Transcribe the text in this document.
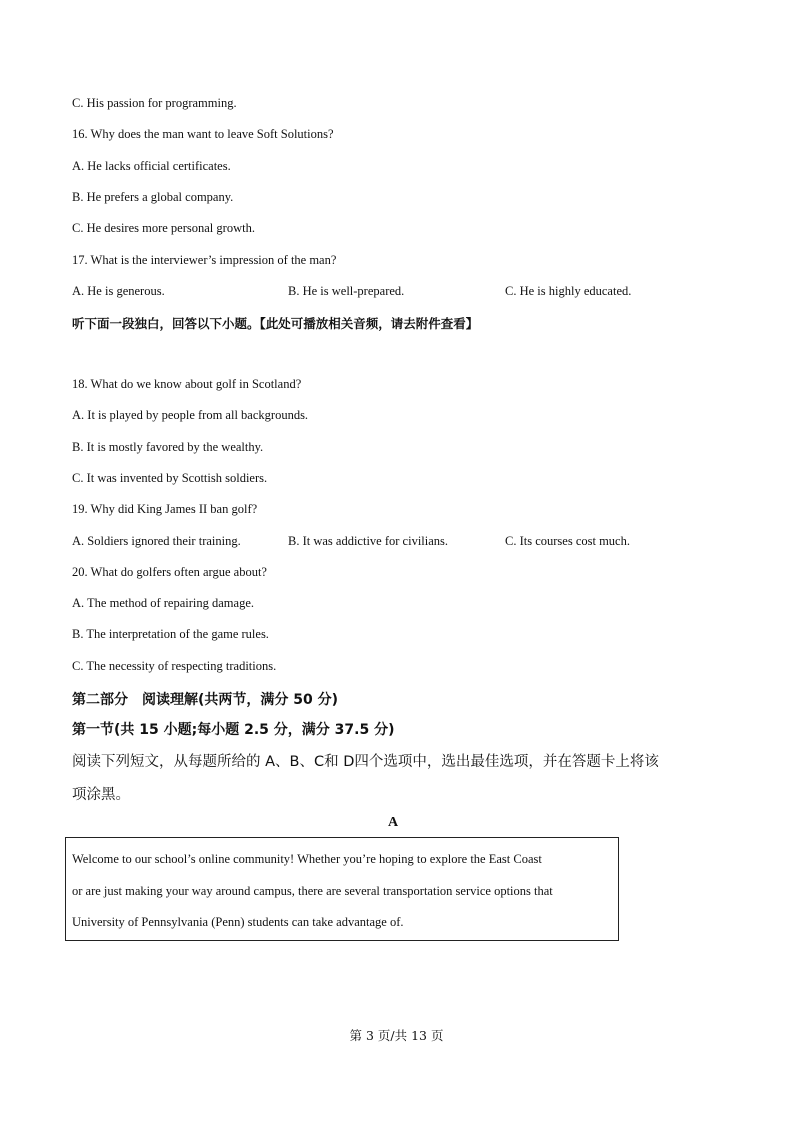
C. His passion for programming.
16. Why does the man want to leave Soft Solutions?
A. He lacks official certificates.
B. He prefers a global company.
C. He desires more personal growth.
17. What is the interviewer’s impression of the man?
A. He is generous.	B. He is well-prepared.	C. He is highly educated.
听下面一段独白，回答以下小题。【此处可播放相关音频，请去附件查看】
18. What do we know about golf in Scotland?
A. It is played by people from all backgrounds.
B. It is mostly favored by the wealthy.
C. It was invented by Scottish soldiers.
19. Why did King James II ban golf?
A. Soldiers ignored their training.	B. It was addictive for civilians.	C. Its courses cost much.
20. What do golfers often argue about?
A. The method of repairing damage.
B. The interpretation of the game rules.
C. The necessity of respecting traditions.
第二部分　阅读理解(共两节，满分 50 分)
第一节(共 15 小题;每小题 2.5 分，满分 37.5 分)
阅读下列短文，从每题所给的 A、B、C和 D四个选项中，选出最佳选项，并在答题卡上将该
项涂黑。
A

Welcome to our school’s online community! Whether you’re hoping to explore the East Coast

or are just making your way around campus, there are several transportation service options that

University of Pennsylvania (Penn) students can take advantage of.

第 3 页/共 13 页
